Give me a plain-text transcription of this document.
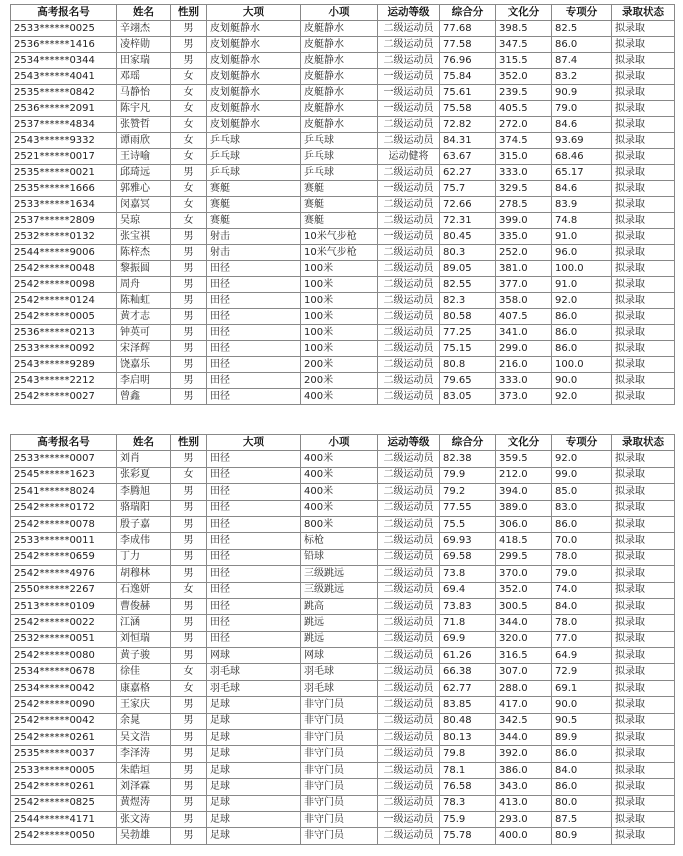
高考报名号	姓名	性别	大项	小项	运动等级	综合分	文化分	专项分	录取状态
2533******0025	辛翊杰	男	皮划艇静水	皮艇静水	二级运动员	77.68	398.5	82.5	拟录取
2536******1416	凌梓勋	男	皮划艇静水	皮艇静水	二级运动员	77.58	347.5	86.0	拟录取
2534******0344	田家瑞	男	皮划艇静水	皮艇静水	二级运动员	76.96	315.5	87.4	拟录取
2543******4041	邓瑶	女	皮划艇静水	皮艇静水	一级运动员	75.84	352.0	83.2	拟录取
2535******0842	马静怡	女	皮划艇静水	皮艇静水	一级运动员	75.61	239.5	90.9	拟录取
2536******2091	陈宇凡	女	皮划艇静水	皮艇静水	一级运动员	75.58	405.5	79.0	拟录取
2537******4834	张赞哲	女	皮划艇静水	皮艇静水	二级运动员	72.82	272.0	84.6	拟录取
2543******9332	谭雨欣	女	乒乓球	乒乓球	二级运动员	84.31	374.5	93.69	拟录取
2521******0017	王诗喻	女	乒乓球	乒乓球	运动健将	63.67	315.0	68.46	拟录取
2535******0021	邱琦远	男	乒乓球	乒乓球	二级运动员	62.27	333.0	65.17	拟录取
2535******1666	郭雅心	女	赛艇	赛艇	一级运动员	75.7	329.5	84.6	拟录取
2533******1634	闵嘉冥	女	赛艇	赛艇	二级运动员	72.66	278.5	83.9	拟录取
2537******2809	吴琼	女	赛艇	赛艇	二级运动员	72.31	399.0	74.8	拟录取
2532******0132	张宝祺	男	射击	10米气步枪	一级运动员	80.45	335.0	91.0	拟录取
2544******9006	陈梓杰	男	射击	10米气步枪	二级运动员	80.3	252.0	96.0	拟录取
2542******0048	黎振圆	男	田径	100米	二级运动员	89.05	381.0	100.0	拟录取
2542******0098	周舟	男	田径	100米	二级运动员	82.55	377.0	91.0	拟录取
2542******0124	陈籼虹	男	田径	100米	二级运动员	82.3	358.0	92.0	拟录取
2542******0005	黄才志	男	田径	100米	二级运动员	80.58	407.5	86.0	拟录取
2536******0213	钟英可	男	田径	100米	二级运动员	77.25	341.0	86.0	拟录取
2533******0092	宋泽辉	男	田径	100米	二级运动员	75.15	299.0	86.0	拟录取
2543******9289	饶嘉乐	男	田径	200米	二级运动员	80.8	216.0	100.0	拟录取
2543******2212	李启明	男	田径	200米	二级运动员	79.65	333.0	90.0	拟录取
2542******0027	曾鑫	男	田径	400米	二级运动员	83.05	373.0	92.0	拟录取
高考报名号	姓名	性别	大项	小项	运动等级	综合分	文化分	专项分	录取状态
2533******0007	刘肖	男	田径	400米	二级运动员	82.38	359.5	92.0	拟录取
2545******1623	张彩夏	女	田径	400米	二级运动员	79.9	212.0	99.0	拟录取
2541******8024	李腾旭	男	田径	400米	二级运动员	79.2	394.0	85.0	拟录取
2542******0172	骆瑞阳	男	田径	400米	二级运动员	77.55	389.0	83.0	拟录取
2542******0078	殷子嘉	男	田径	800米	二级运动员	75.5	306.0	86.0	拟录取
2533******0011	李成伟	男	田径	标枪	二级运动员	69.93	418.5	70.0	拟录取
2542******0659	丁力	男	田径	铅球	二级运动员	69.58	299.5	78.0	拟录取
2542******4976	胡穆林	男	田径	三级跳远	二级运动员	73.8	370.0	79.0	拟录取
2550******2267	石逸妍	女	田径	三级跳远	二级运动员	69.4	352.0	74.0	拟录取
2513******0109	曹俊赫	男	田径	跳高	二级运动员	73.83	300.5	84.0	拟录取
2542******0022	江涵	男	田径	跳远	二级运动员	71.8	344.0	78.0	拟录取
2532******0051	刘恒瑞	男	田径	跳远	二级运动员	69.9	320.0	77.0	拟录取
2542******0080	黄子骏	男	网球	网球	二级运动员	61.26	316.5	64.9	拟录取
2534******0678	徐佳	女	羽毛球	羽毛球	二级运动员	66.38	307.0	72.9	拟录取
2534******0042	康嘉格	女	羽毛球	羽毛球	二级运动员	62.77	288.0	69.1	拟录取
2542******0090	王家庆	男	足球	非守门员	二级运动员	83.85	417.0	90.0	拟录取
2542******0042	余晁	男	足球	非守门员	二级运动员	80.48	342.5	90.5	拟录取
2542******0261	吴文浩	男	足球	非守门员	二级运动员	80.13	344.0	89.9	拟录取
2535******0037	李泽涛	男	足球	非守门员	二级运动员	79.8	392.0	86.0	拟录取
2533******0005	朱皓垣	男	足球	非守门员	二级运动员	78.1	386.0	84.0	拟录取
2542******0261	刘泽霖	男	足球	非守门员	二级运动员	76.58	343.0	86.0	拟录取
2542******0825	黄煜涛	男	足球	非守门员	二级运动员	78.3	413.0	80.0	拟录取
2544******4171	张文涛	男	足球	非守门员	一级运动员	75.9	293.0	87.5	拟录取
2542******0050	吴勃雄	男	足球	非守门员	二级运动员	75.78	400.0	80.9	拟录取
